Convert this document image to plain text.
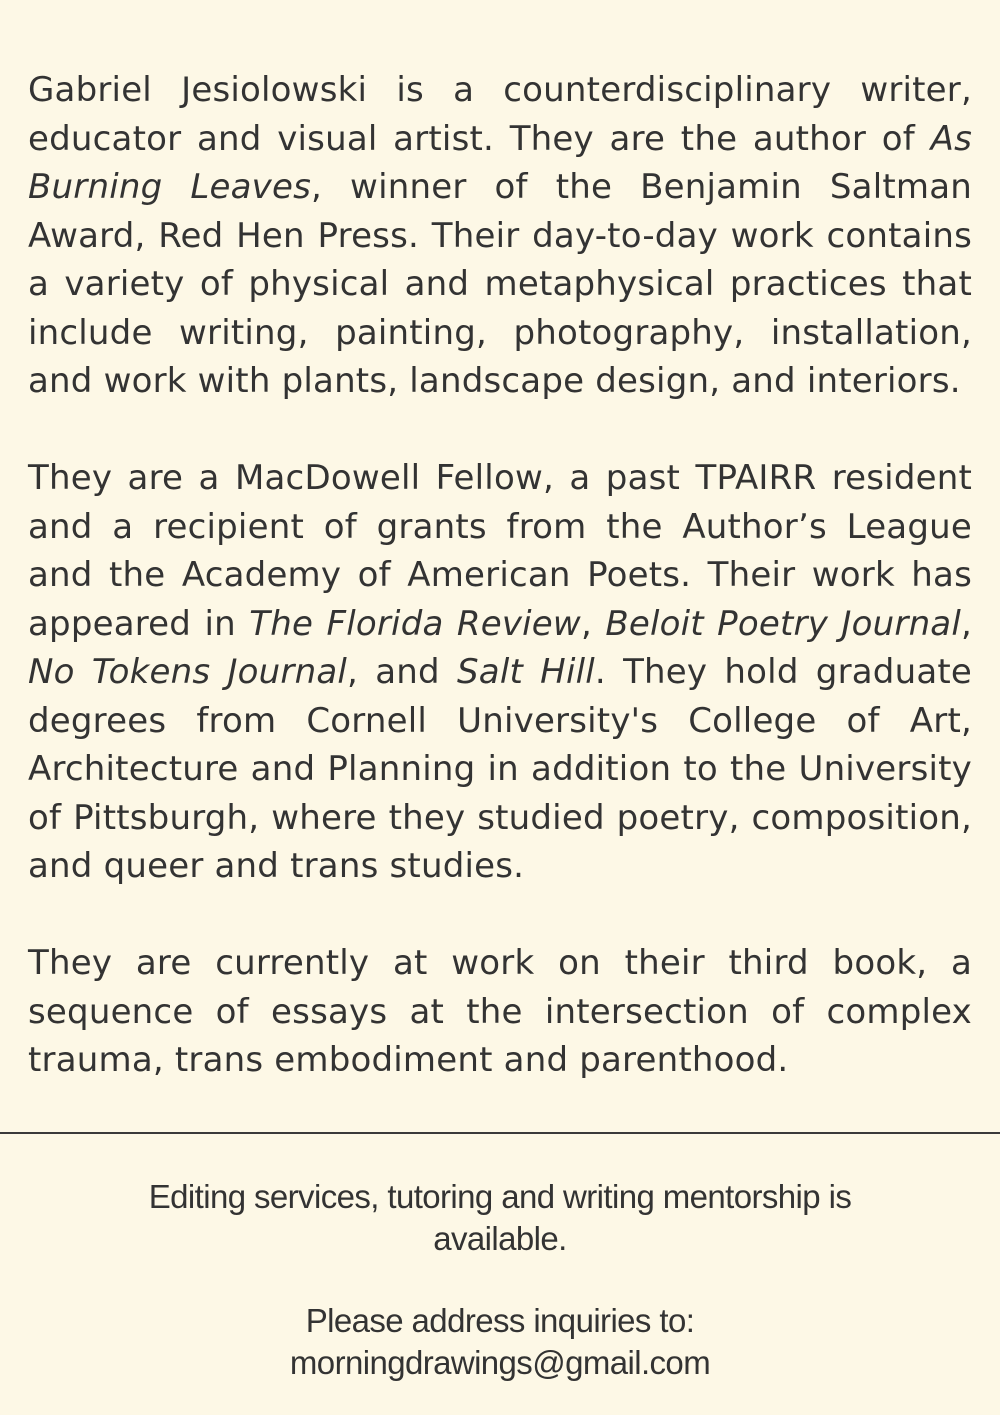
Gabriel Jesiolowski is a counterdisciplinary writer, educator and visual artist. They are the author of As Burning Leaves, winner of the Benjamin Saltman Award, Red Hen Press. Their day-to-day work contains a variety of physical and metaphysical practices that include writing, painting, photography, installation, and work with plants, landscape design, and interiors.

They are a MacDowell Fellow, a past TPAIRR resident and a recipient of grants from the Author’s League and the Academy of American Poets. Their work has appeared in The Florida Review, Beloit Poetry Journal, No Tokens Journal, and Salt Hill. They hold graduate degrees from Cornell University's College of Art, Architecture and Planning in addition to the University of Pittsburgh, where they studied poetry, composition, and queer and trans studies.

They are currently at work on their third book, a sequence of essays at the intersection of complex trauma, trans embodiment and parenthood.

Editing services, tutoring and writing mentorship is available.
Please address inquiries to:
morningdrawings@gmail.com
